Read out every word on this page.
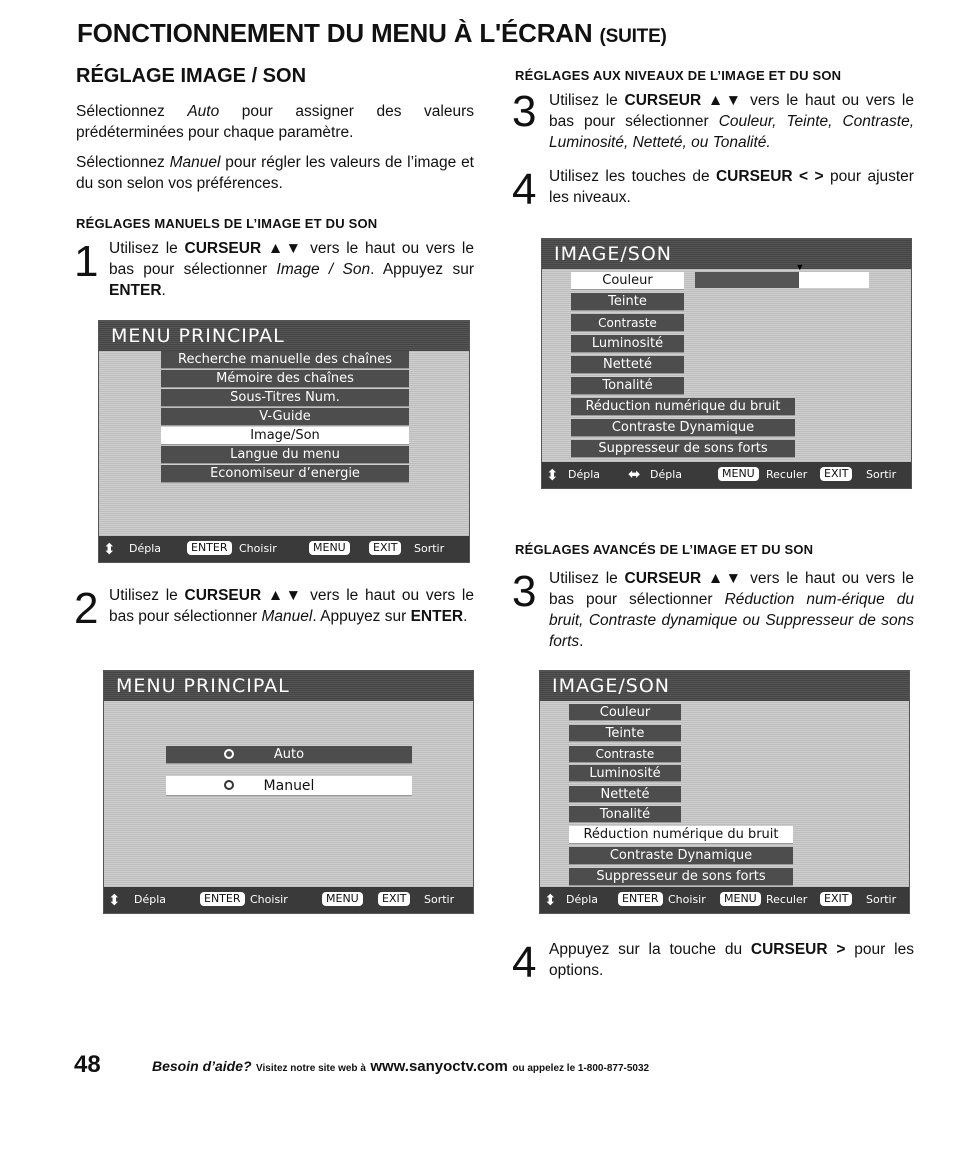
FONCTIONNEMENT DU MENU À L'ÉCRAN (SUITE)
RÉGLAGE IMAGE / SON
Sélectionnez Auto pour assigner des valeurs prédéterminées pour chaque paramètre.
Sélectionnez Manuel pour régler les valeurs de l’image et du son selon vos préférences.
RÉGLAGES MANUELS DE L’IMAGE ET DU SON
1 Utilisez le CURSEUR ▲▼ vers le haut ou vers le bas pour sélectionner Image / Son. Appuyez sur ENTER.
MENU PRINCIPAL
Recherche manuelle des chaînes
Mémoire des chaînes
Sous-Titres Num.
V-Guide
Image/Son
Langue du menu
Economiseur d’energie
⬍ Dépla	ENTER	Choisir	MENU	EXIT	Sortir
2 Utilisez le CURSEUR ▲▼ vers le haut ou vers le bas pour sélectionner Manuel. Appuyez sur ENTER.
MENU PRINCIPAL
Auto
Manuel
⬍ Dépla	ENTER Choisir	MENU	EXIT	Sortir
RÉGLAGES AUX NIVEAUX DE L’IMAGE ET DU SON
3 Utilisez le CURSEUR ▲▼ vers le haut ou vers le bas pour sélectionner Couleur, Teinte, Contraste, Luminosité, Netteté, ou Tonalité.
4 Utilisez les touches de CURSEUR < > pour ajuster les niveaux.
IMAGE/SON
Couleur
▼
Teinte
Contraste
Luminosité
Netteté
Tonalité
Réduction numérique du bruit
Contraste Dynamique
Suppresseur de sons forts
⬍ Dépla ⬌ Dépla	MENU	Reculer	EXIT	Sortir
RÉGLAGES AVANCÉS DE L’IMAGE ET DU SON
3 Utilisez le CURSEUR ▲▼ vers le haut ou vers le bas pour sélectionner Réduction num-érique du bruit, Contraste dynamique ou Suppresseur de sons forts.
IMAGE/SON
Couleur
Teinte
Contraste
Luminosité
Netteté
Tonalité
Réduction numérique du bruit
Contraste Dynamique
Suppresseur de sons forts
⬍ Dépla	ENTER Choisir	MENU Reculer	EXIT	Sortir
4 Appuyez sur la touche du CURSEUR > pour les options.
48	Besoin d’aide? Visitez notre site web à www.sanyoctv.com ou appelez le 1-800-877-5032
